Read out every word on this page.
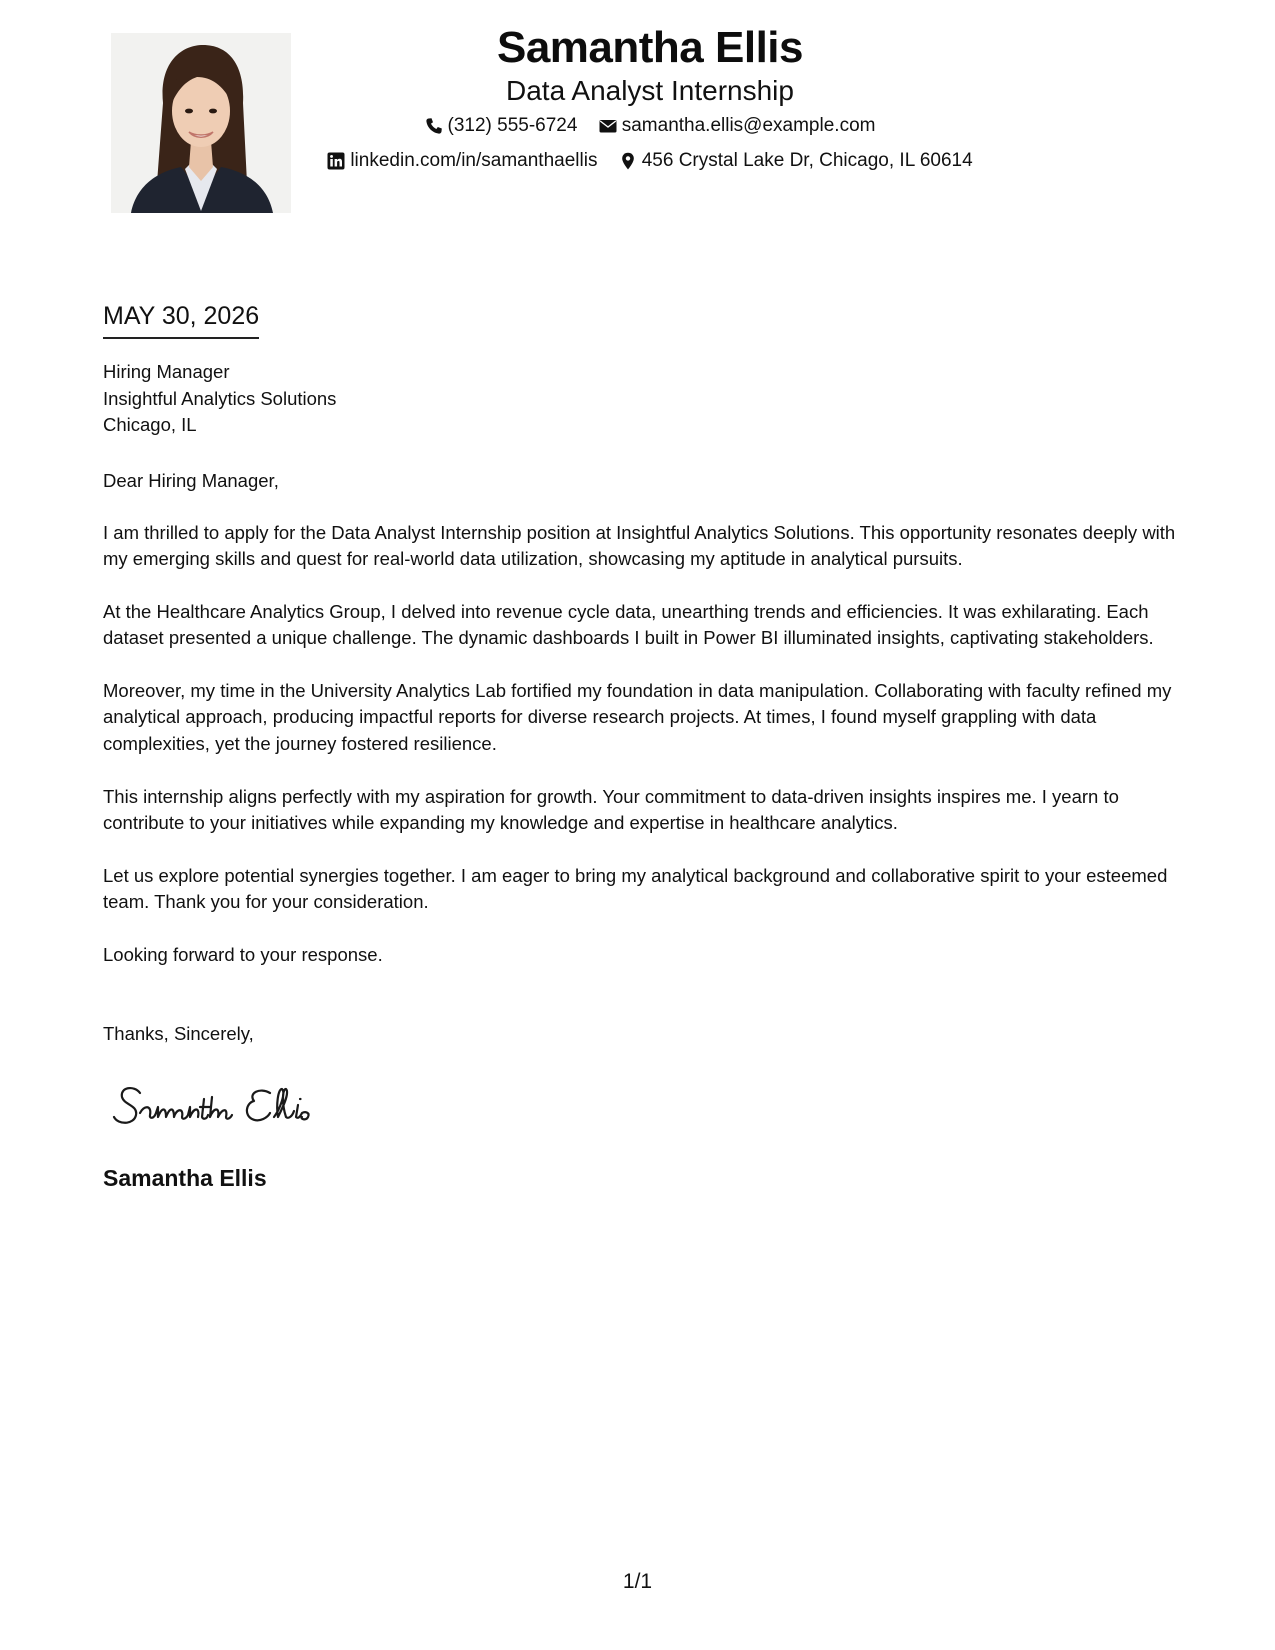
Samantha Ellis
Data Analyst Internship
(312) 555-6724
samantha.ellis@example.com
linkedin.com/in/samanthaellis
456 Crystal Lake Dr, Chicago, IL 60614
MAY 30, 2026
Hiring Manager
Insightful Analytics Solutions
Chicago, IL
Dear Hiring Manager,

I am thrilled to apply for the Data Analyst Internship position at Insightful Analytics Solutions. This opportunity resonates deeply with my emerging skills and quest for real-world data utilization, showcasing my aptitude in analytical pursuits.

At the Healthcare Analytics Group, I delved into revenue cycle data, unearthing trends and efficiencies. It was exhilarating. Each dataset presented a unique challenge. The dynamic dashboards I built in Power BI illuminated insights, captivating stakeholders.

Moreover, my time in the University Analytics Lab fortified my foundation in data manipulation. Collaborating with faculty refined my analytical approach, producing impactful reports for diverse research projects. At times, I found myself grappling with data complexities, yet the journey fostered resilience.

This internship aligns perfectly with my aspiration for growth. Your commitment to data-driven insights inspires me. I yearn to contribute to your initiatives while expanding my knowledge and expertise in healthcare analytics.

Let us explore potential synergies together. I am eager to bring my analytical background and collaborative spirit to your esteemed team. Thank you for your consideration.

Looking forward to your response.

Thanks, Sincerely,
Samantha Ellis
1/1
